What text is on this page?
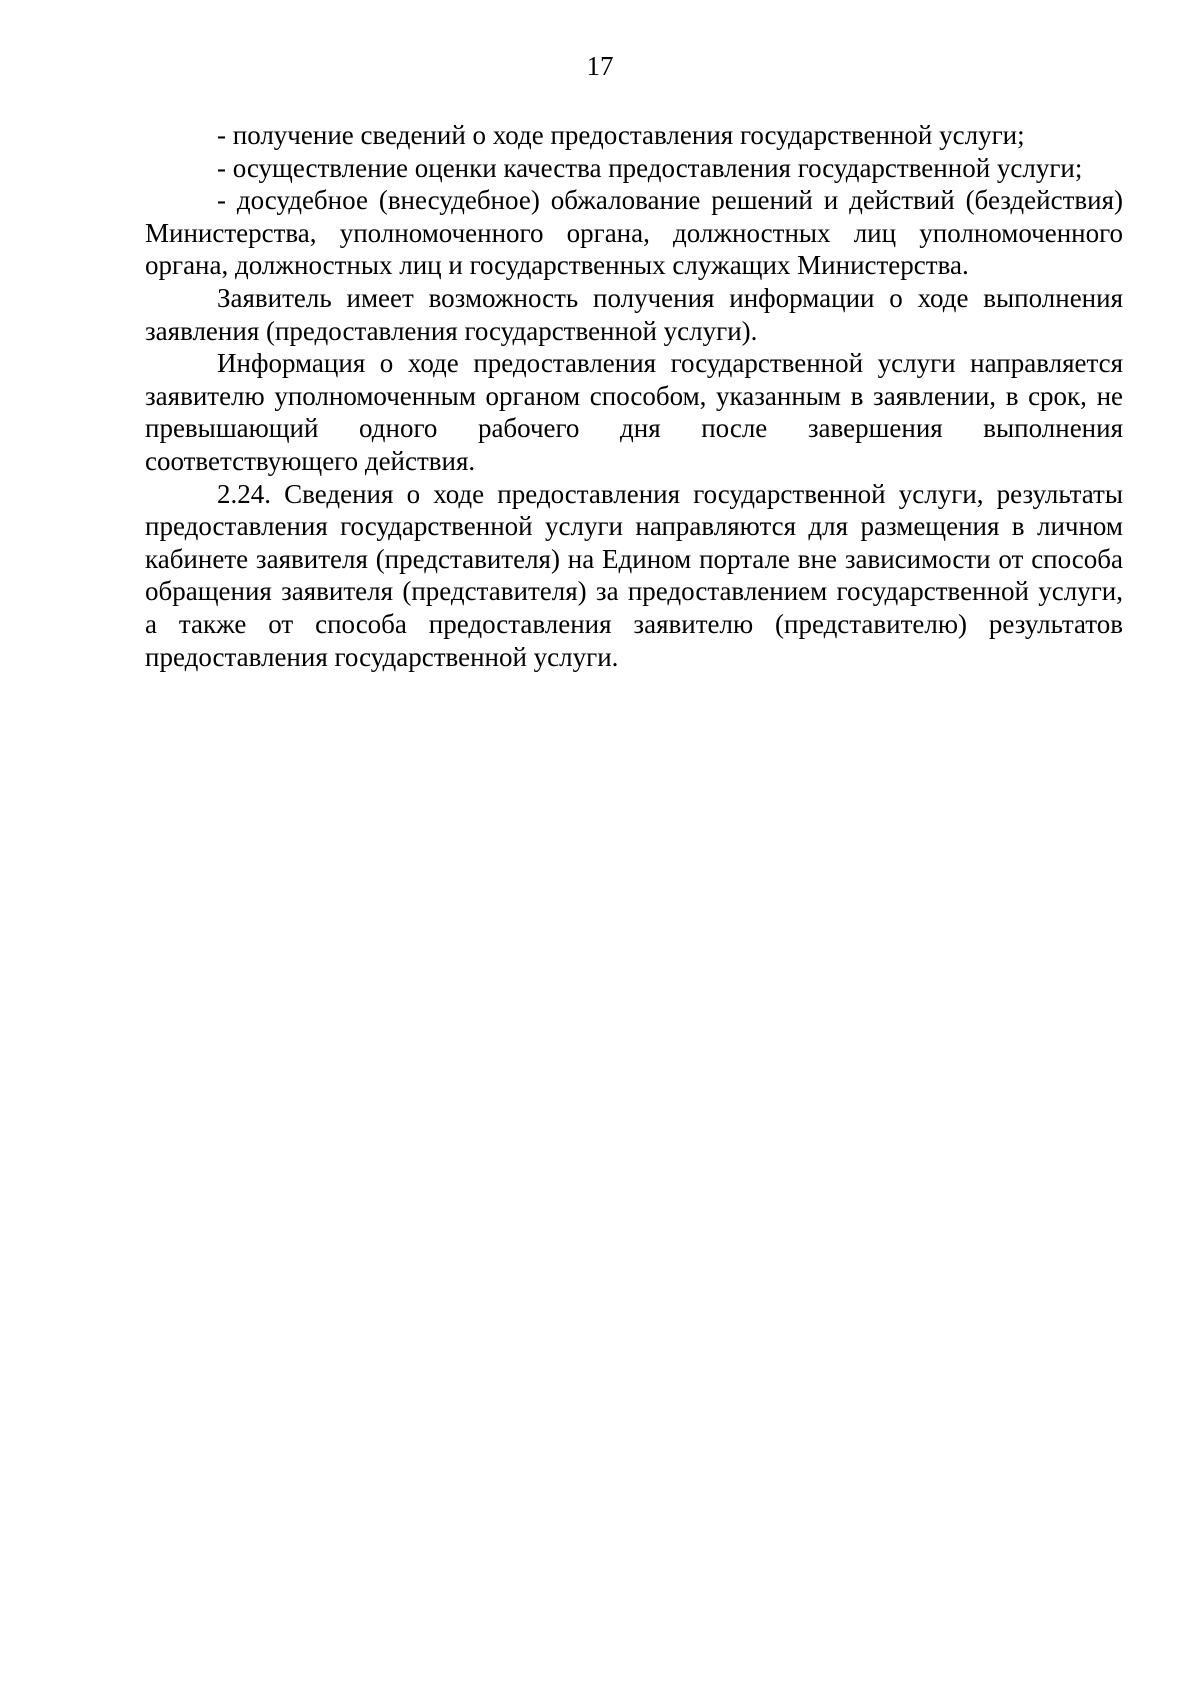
17

- получение сведений о ходе предоставления государственной услуги;

- осуществление оценки качества предоставления государственной услуги;

- досудебное (внесудебное) обжалование решений и действий (бездействия) Министерства, уполномоченного органа, должностных лиц уполномоченного органа, должностных лиц и государственных служащих Министерства.

Заявитель имеет возможность получения информации о ходе выполнения заявления (предоставления государственной услуги).

Информация о ходе предоставления государственной услуги направляется заявителю уполномоченным органом способом, указанным в заявлении, в срок, не превышающий одного рабочего дня после завершения выполнения соответствующего действия.

2.24. Сведения о ходе предоставления государственной услуги, результаты предоставления государственной услуги направляются для размещения в личном кабинете заявителя (представителя) на Едином портале вне зависимости от способа обращения заявителя (представителя) за предоставлением государственной услуги, а также от способа предоставления заявителю (представителю) результатов предоставления государственной услуги.
